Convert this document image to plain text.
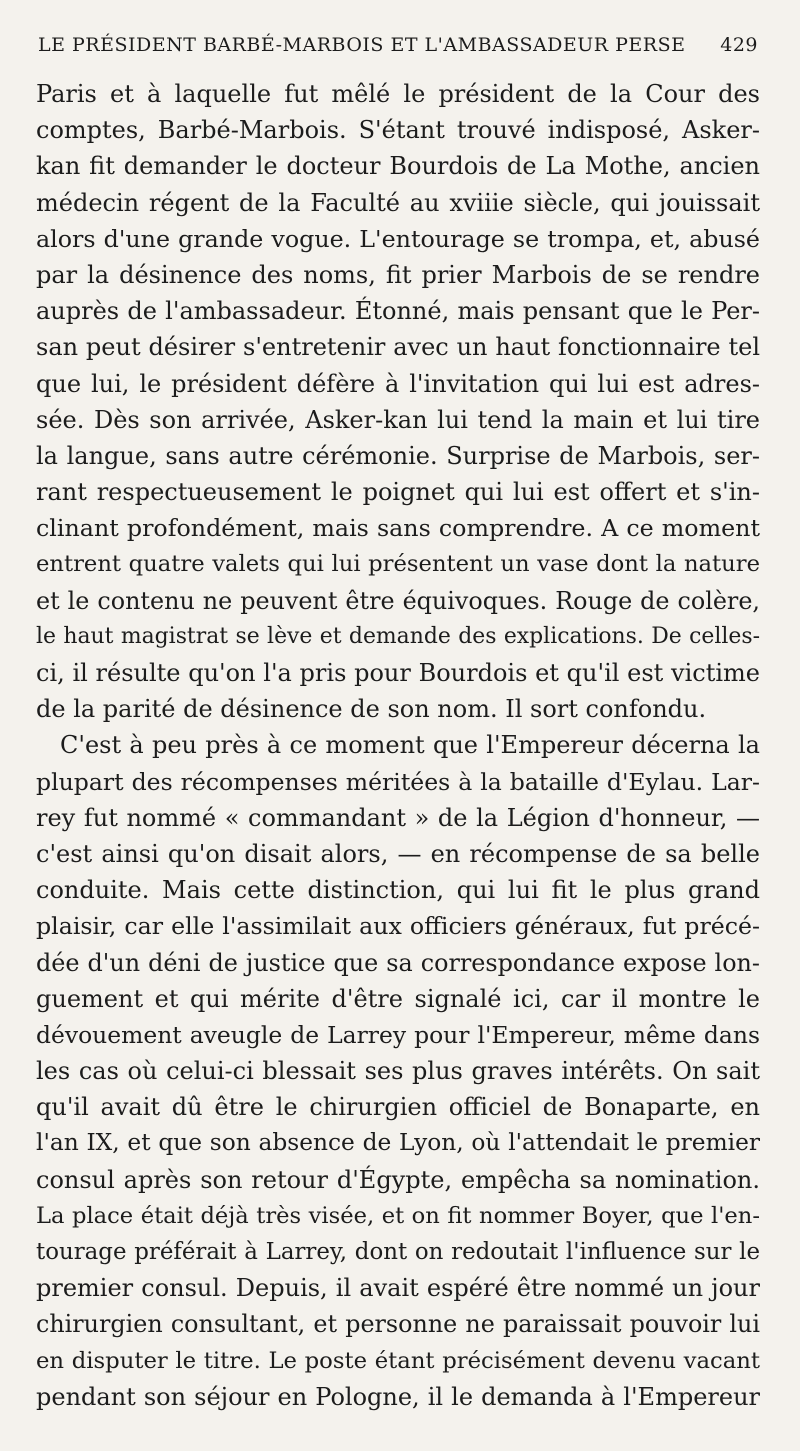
LE PRÉSIDENT BARBÉ-MARBOIS ET L'AMBASSADEUR PERSE 429
Paris et à laquelle fut mêlé le président de la Cour des
comptes, Barbé-Marbois. S'étant trouvé indisposé, Asker-
kan fit demander le docteur Bourdois de La Mothe, ancien
médecin régent de la Faculté au xviiie siècle, qui jouissait
alors d'une grande vogue. L'entourage se trompa, et, abusé
par la désinence des noms, fit prier Marbois de se rendre
auprès de l'ambassadeur. Étonné, mais pensant que le Per-
san peut désirer s'entretenir avec un haut fonctionnaire tel
que lui, le président défère à l'invitation qui lui est adres-
sée. Dès son arrivée, Asker-kan lui tend la main et lui tire
la langue, sans autre cérémonie. Surprise de Marbois, ser-
rant respectueusement le poignet qui lui est offert et s'in-
clinant profondément, mais sans comprendre. A ce moment
entrent quatre valets qui lui présentent un vase dont la nature
et le contenu ne peuvent être équivoques. Rouge de colère,
le haut magistrat se lève et demande des explications. De celles-
ci, il résulte qu'on l'a pris pour Bourdois et qu'il est victime
de la parité de désinence de son nom. Il sort confondu.
C'est à peu près à ce moment que l'Empereur décerna la
plupart des récompenses méritées à la bataille d'Eylau. Lar-
rey fut nommé « commandant » de la Légion d'honneur, —
c'est ainsi qu'on disait alors, — en récompense de sa belle
conduite. Mais cette distinction, qui lui fit le plus grand
plaisir, car elle l'assimilait aux officiers généraux, fut précé-
dée d'un déni de justice que sa correspondance expose lon-
guement et qui mérite d'être signalé ici, car il montre le
dévouement aveugle de Larrey pour l'Empereur, même dans
les cas où celui-ci blessait ses plus graves intérêts. On sait
qu'il avait dû être le chirurgien officiel de Bonaparte, en
l'an IX, et que son absence de Lyon, où l'attendait le premier
consul après son retour d'Égypte, empêcha sa nomination.
La place était déjà très visée, et on fit nommer Boyer, que l'en-
tourage préférait à Larrey, dont on redoutait l'influence sur le
premier consul. Depuis, il avait espéré être nommé un jour
chirurgien consultant, et personne ne paraissait pouvoir lui
en disputer le titre. Le poste étant précisément devenu vacant
pendant son séjour en Pologne, il le demanda à l'Empereur
